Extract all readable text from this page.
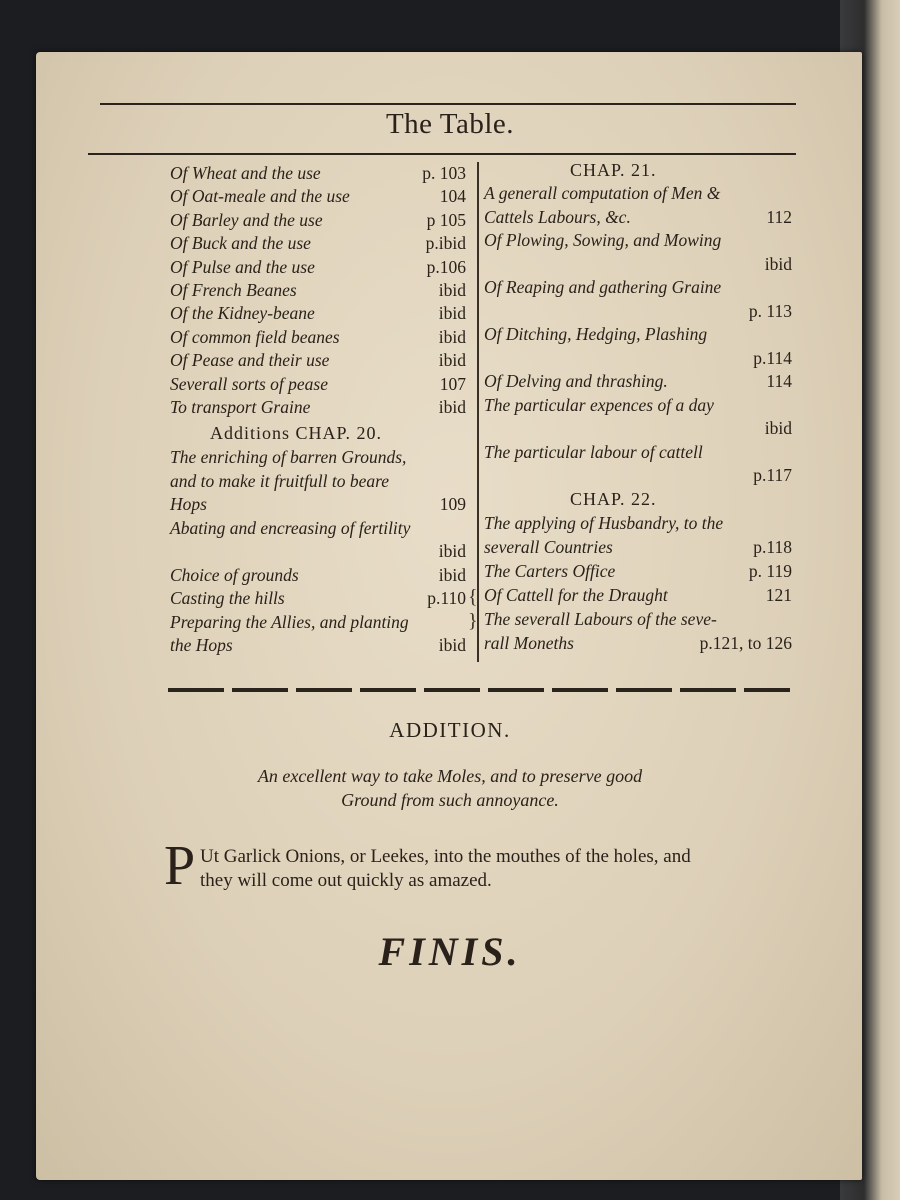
The Table.
{
}
Of Wheat and the use	p. 103
Of Oat-meale and the use	104
Of Barley and the use	p 105
Of Buck and the use	p.ibid
Of Pulse and the use	p.106
Of French Beanes	ibid
Of the Kidney-beane	ibid
Of common field beanes	ibid
Of Pease and their use	ibid
Severall sorts of pease	107
To transport Graine	ibid
Additions CHAP. 20.
The enriching of barren Grounds,
and to make it fruitfull to beare
Hops	109
Abating and encreasing of fertility
ibid
Choice of grounds	ibid
Casting the hills	p.110
Preparing the Allies, and planting
the Hops	ibid
CHAP. 21.
A generall computation of Men &
Cattels Labours, &c.	112
Of Plowing, Sowing, and Mowing
ibid
Of Reaping and gathering Graine
p. 113
Of Ditching, Hedging, Plashing
p.114
Of Delving and thrashing.	114
The particular expences of a day
ibid
The particular labour of cattell
p.117
CHAP. 22.
The applying of Husbandry, to the
severall Countries	p.118
The Carters Office	p. 119
Of Cattell for the Draught	121
The severall Labours of the seve-
rall Moneths	p.121, to 126
ADDITION.
An excellent way to take Moles, and to preserve good
Ground from such annoyance.
P Ut Garlick Onions, or Leekes, into the mouthes of the holes, and
they will come out quickly as amazed.
FINIS.
